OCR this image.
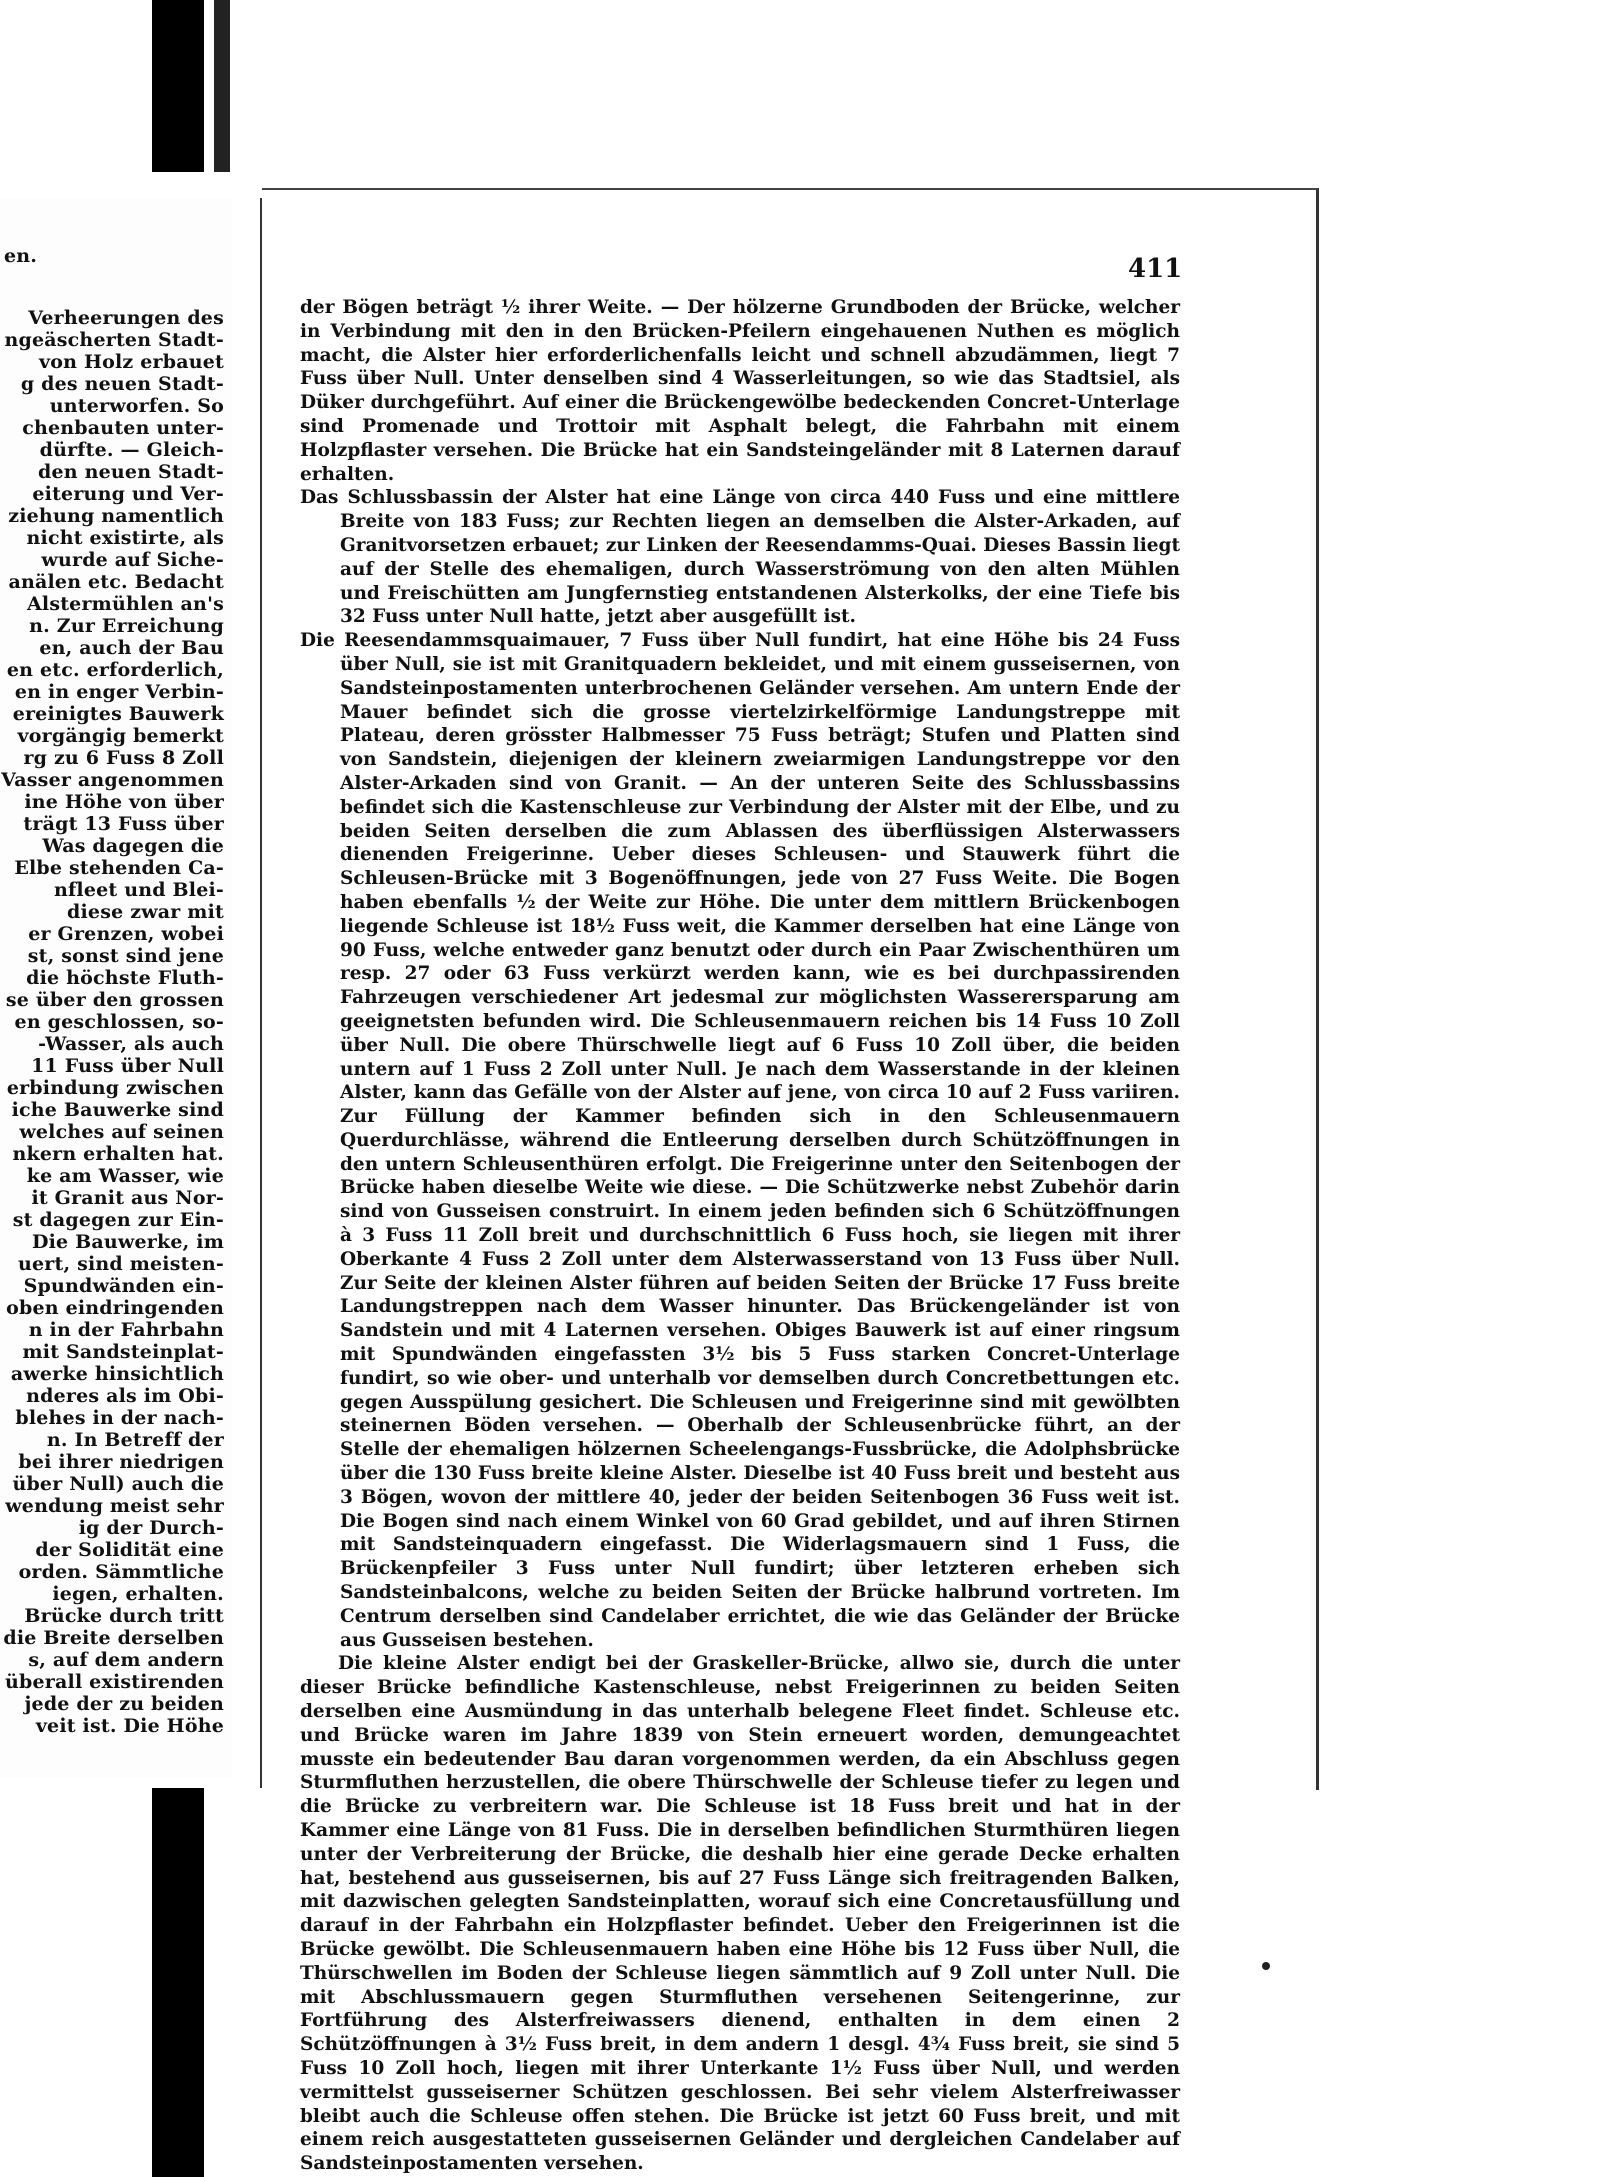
en.
Verheerungen des
ngeäscherten Stadt-
von Holz erbauet
g des neuen Stadt-
unterworfen. So
chenbauten unter-
dürfte. — Gleich-
den neuen Stadt-
eiterung und Ver-
ziehung namentlich
nicht existirte, als
wurde auf Siche-
anälen etc. Bedacht
Alstermühlen an's
n. Zur Erreichung
en, auch der Bau
en etc. erforderlich,
en in enger Verbin-
ereinigtes Bauwerk
vorgängig bemerkt
rg zu 6 Fuss 8 Zoll
Vasser angenommen
ine Höhe von über
trägt 13 Fuss über
Was dagegen die
Elbe stehenden Ca-
nfleet und Blei-
diese zwar mit
er Grenzen, wobei
st, sonst sind jene
die höchste Fluth-
se über den grossen
en geschlossen, so-
-Wasser, als auch
11 Fuss über Null
erbindung zwischen
iche Bauwerke sind
welches auf seinen
nkern erhalten hat.
ke am Wasser, wie
it Granit aus Nor-
st dagegen zur Ein-
Die Bauwerke, im
uert, sind meisten-
Spundwänden ein-
oben eindringenden
n in der Fahrbahn
mit Sandsteinplat-
awerke hinsichtlich
nderes als im Obi-
blehes in der nach-
n. In Betreff der
bei ihrer niedrigen
über Null) auch die
wendung meist sehr
ig der Durch-
der Solidität eine
orden. Sämmtliche
iegen, erhalten.
Brücke durch tritt
die Breite derselben
s, auf dem andern
überall existirenden
jede der zu beiden
veit ist. Die Höhe
411

der Bögen beträgt ½ ihrer Weite. — Der hölzerne Grundboden der Brücke, welcher in Verbindung mit den in den Brücken-Pfeilern eingehauenen Nuthen es möglich macht, die Alster hier erforderlichenfalls leicht und schnell abzudämmen, liegt 7 Fuss über Null. Unter denselben sind 4 Wasserleitungen, so wie das Stadtsiel, als Düker durchgeführt. Auf einer die Brückengewölbe bedeckenden Concret-Unterlage sind Promenade und Trottoir mit Asphalt belegt, die Fahrbahn mit einem Holzpflaster versehen. Die Brücke hat ein Sandsteingeländer mit 8 Laternen darauf erhalten.

Das Schlussbassin der Alster hat eine Länge von circa 440 Fuss und eine mittlere Breite von 183 Fuss; zur Rechten liegen an demselben die Alster-Arkaden, auf Granitvorsetzen erbauet; zur Linken der Reesendamms-Quai. Dieses Bassin liegt auf der Stelle des ehemaligen, durch Wasserströmung von den alten Mühlen und Freischütten am Jungfernstieg entstandenen Alsterkolks, der eine Tiefe bis 32 Fuss unter Null hatte, jetzt aber ausgefüllt ist.

Die Reesendammsquaimauer, 7 Fuss über Null fundirt, hat eine Höhe bis 24 Fuss über Null, sie ist mit Granitquadern bekleidet, und mit einem gusseisernen, von Sandsteinpostamenten unterbrochenen Geländer versehen. Am untern Ende der Mauer befindet sich die grosse viertelzirkelförmige Landungstreppe mit Plateau, deren grösster Halbmesser 75 Fuss beträgt; Stufen und Platten sind von Sandstein, diejenigen der kleinern zweiarmigen Landungstreppe vor den Alster-Arkaden sind von Granit. — An der unteren Seite des Schlussbassins befindet sich die Kastenschleuse zur Verbindung der Alster mit der Elbe, und zu beiden Seiten derselben die zum Ablassen des überflüssigen Alsterwassers dienenden Freigerinne. Ueber dieses Schleusen- und Stauwerk führt die Schleusen-Brücke mit 3 Bogenöffnungen, jede von 27 Fuss Weite. Die Bogen haben ebenfalls ½ der Weite zur Höhe. Die unter dem mittlern Brückenbogen liegende Schleuse ist 18½ Fuss weit, die Kammer derselben hat eine Länge von 90 Fuss, welche entweder ganz benutzt oder durch ein Paar Zwischenthüren um resp. 27 oder 63 Fuss verkürzt werden kann, wie es bei durchpassirenden Fahrzeugen verschiedener Art jedesmal zur möglichsten Wasserersparung am geeignetsten befunden wird. Die Schleusenmauern reichen bis 14 Fuss 10 Zoll über Null. Die obere Thürschwelle liegt auf 6 Fuss 10 Zoll über, die beiden untern auf 1 Fuss 2 Zoll unter Null. Je nach dem Wasserstande in der kleinen Alster, kann das Gefälle von der Alster auf jene, von circa 10 auf 2 Fuss variiren. Zur Füllung der Kammer befinden sich in den Schleusenmauern Querdurchlässe, während die Entleerung derselben durch Schützöffnungen in den untern Schleusenthüren erfolgt. Die Freigerinne unter den Seitenbogen der Brücke haben dieselbe Weite wie diese. — Die Schützwerke nebst Zubehör darin sind von Gusseisen construirt. In einem jeden befinden sich 6 Schützöffnungen à 3 Fuss 11 Zoll breit und durchschnittlich 6 Fuss hoch, sie liegen mit ihrer Oberkante 4 Fuss 2 Zoll unter dem Alsterwasserstand von 13 Fuss über Null. Zur Seite der kleinen Alster führen auf beiden Seiten der Brücke 17 Fuss breite Landungstreppen nach dem Wasser hinunter. Das Brückengeländer ist von Sandstein und mit 4 Laternen versehen. Obiges Bauwerk ist auf einer ringsum mit Spundwänden eingefassten 3½ bis 5 Fuss starken Concret-Unterlage fundirt, so wie ober- und unterhalb vor demselben durch Concretbettungen etc. gegen Ausspülung gesichert. Die Schleusen und Freigerinne sind mit gewölbten steinernen Böden versehen. — Oberhalb der Schleusenbrücke führt, an der Stelle der ehemaligen hölzernen Scheelengangs-Fussbrücke, die Adolphsbrücke über die 130 Fuss breite kleine Alster. Dieselbe ist 40 Fuss breit und besteht aus 3 Bögen, wovon der mittlere 40, jeder der beiden Seitenbogen 36 Fuss weit ist. Die Bogen sind nach einem Winkel von 60 Grad gebildet, und auf ihren Stirnen mit Sandsteinquadern eingefasst. Die Widerlagsmauern sind 1 Fuss, die Brückenpfeiler 3 Fuss unter Null fundirt; über letzteren erheben sich Sandsteinbalcons, welche zu beiden Seiten der Brücke halbrund vortreten. Im Centrum derselben sind Candelaber errichtet, die wie das Geländer der Brücke aus Gusseisen bestehen.

Die kleine Alster endigt bei der Graskeller-Brücke, allwo sie, durch die unter dieser Brücke befindliche Kastenschleuse, nebst Freigerinnen zu beiden Seiten derselben eine Ausmündung in das unterhalb belegene Fleet findet. Schleuse etc. und Brücke waren im Jahre 1839 von Stein erneuert worden, demungeachtet musste ein bedeutender Bau daran vorgenommen werden, da ein Abschluss gegen Sturmfluthen herzustellen, die obere Thürschwelle der Schleuse tiefer zu legen und die Brücke zu verbreitern war. Die Schleuse ist 18 Fuss breit und hat in der Kammer eine Länge von 81 Fuss. Die in derselben befindlichen Sturmthüren liegen unter der Verbreiterung der Brücke, die deshalb hier eine gerade Decke erhalten hat, bestehend aus gusseisernen, bis auf 27 Fuss Länge sich freitragenden Balken, mit dazwischen gelegten Sandsteinplatten, worauf sich eine Concretausfüllung und darauf in der Fahrbahn ein Holzpflaster befindet. Ueber den Freigerinnen ist die Brücke gewölbt. Die Schleusenmauern haben eine Höhe bis 12 Fuss über Null, die Thürschwellen im Boden der Schleuse liegen sämmtlich auf 9 Zoll unter Null. Die mit Abschlussmauern gegen Sturmfluthen versehenen Seitengerinne, zur Fortführung des Alsterfreiwassers dienend, enthalten in dem einen 2 Schützöffnungen à 3½ Fuss breit, in dem andern 1 desgl. 4¾ Fuss breit, sie sind 5 Fuss 10 Zoll hoch, liegen mit ihrer Unterkante 1½ Fuss über Null, und werden vermittelst gusseiserner Schützen geschlossen. Bei sehr vielem Alsterfreiwasser bleibt auch die Schleuse offen stehen. Die Brücke ist jetzt 60 Fuss breit, und mit einem reich ausgestatteten gusseisernen Geländer und dergleichen Candelaber auf Sandsteinpostamenten versehen.
